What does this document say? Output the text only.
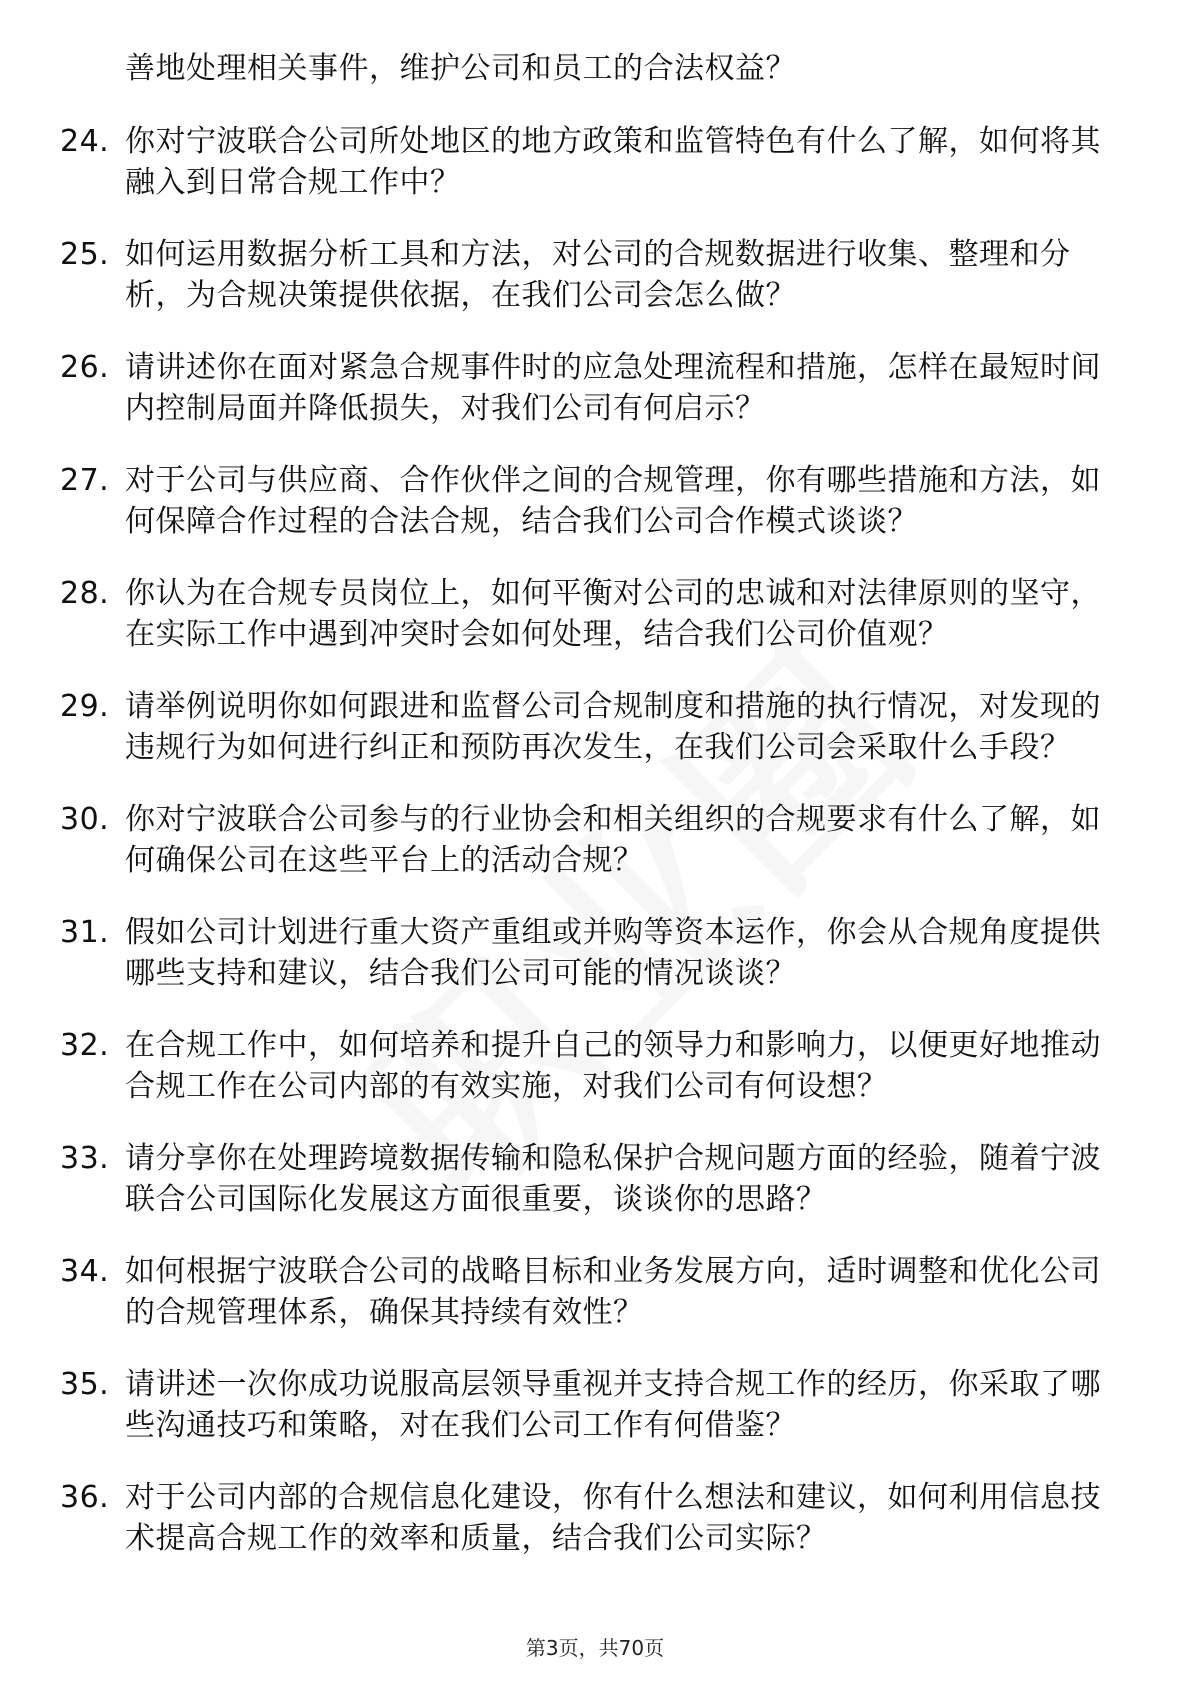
善地处理相关事件，维护公司和员工的合法权益？
24. 你对宁波联合公司所处地区的地方政策和监管特色有什么了解，如何将其融入到日常合规工作中？
25. 如何运用数据分析工具和方法，对公司的合规数据进行收集、整理和分析，为合规决策提供依据，在我们公司会怎么做？
26. 请讲述你在面对紧急合规事件时的应急处理流程和措施，怎样在最短时间内控制局面并降低损失，对我们公司有何启示？
27. 对于公司与供应商、合作伙伴之间的合规管理，你有哪些措施和方法，如何保障合作过程的合法合规，结合我们公司合作模式谈谈？
28. 你认为在合规专员岗位上，如何平衡对公司的忠诚和对法律原则的坚守，在实际工作中遇到冲突时会如何处理，结合我们公司价值观？
29. 请举例说明你如何跟进和监督公司合规制度和措施的执行情况，对发现的违规行为如何进行纠正和预防再次发生，在我们公司会采取什么手段？
30. 你对宁波联合公司参与的行业协会和相关组织的合规要求有什么了解，如何确保公司在这些平台上的活动合规？
31. 假如公司计划进行重大资产重组或并购等资本运作，你会从合规角度提供哪些支持和建议，结合我们公司可能的情况谈谈？
32. 在合规工作中，如何培养和提升自己的领导力和影响力，以便更好地推动合规工作在公司内部的有效实施，对我们公司有何设想？
33. 请分享你在处理跨境数据传输和隐私保护合规问题方面的经验，随着宁波联合公司国际化发展这方面很重要，谈谈你的思路？
34. 如何根据宁波联合公司的战略目标和业务发展方向，适时调整和优化公司的合规管理体系，确保其持续有效性？
35. 请讲述一次你成功说服高层领导重视并支持合规工作的经历，你采取了哪些沟通技巧和策略，对在我们公司工作有何借鉴？
36. 对于公司内部的合规信息化建设，你有什么想法和建议，如何利用信息技术提高合规工作的效率和质量，结合我们公司实际？
第3页，共70页
